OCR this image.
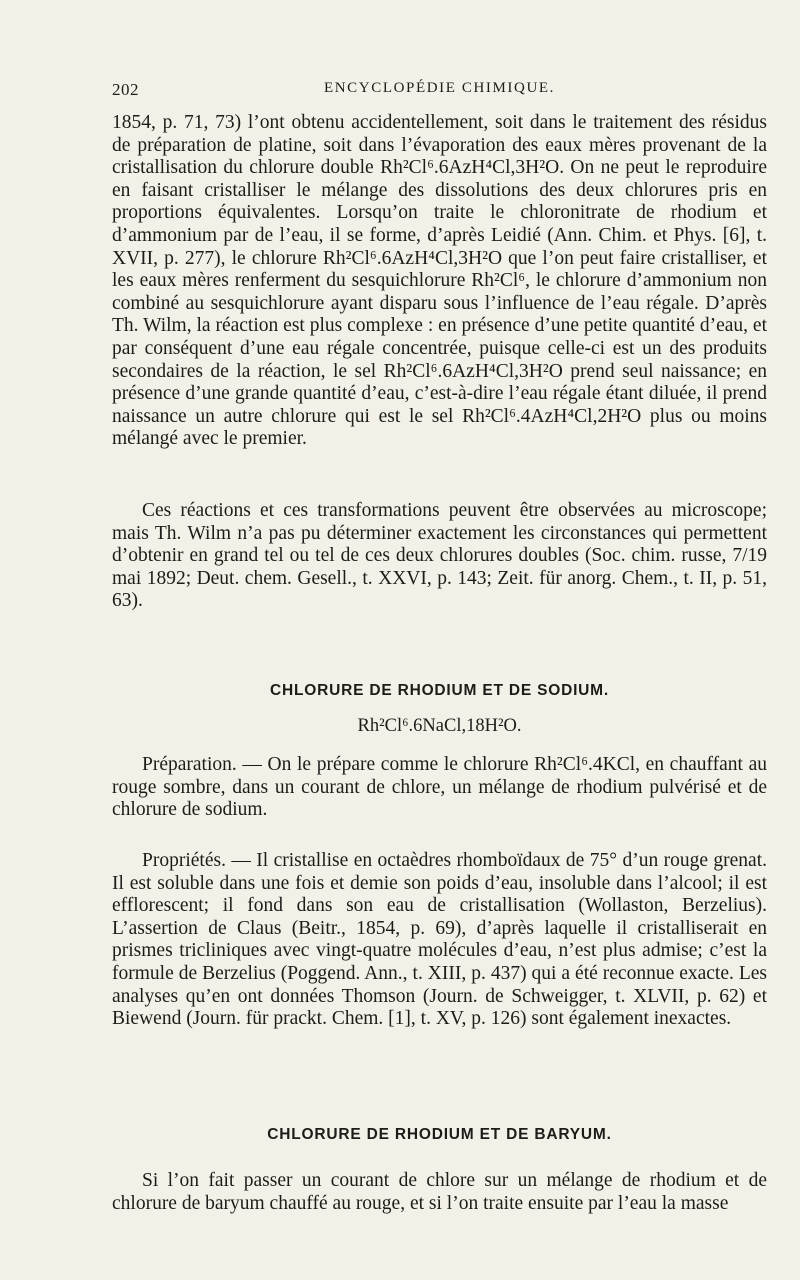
202	ENCYCLOPÉDIE CHIMIQUE.

1854, p. 71, 73) l’ont obtenu accidentellement, soit dans le traitement des résidus de préparation de platine, soit dans l’évaporation des eaux mères provenant de la cristallisation du chlorure double Rh²Cl⁶.6AzH⁴Cl,3H²O. On ne peut le reproduire en faisant cristalliser le mélange des dissolutions des deux chlorures pris en proportions équivalentes. Lorsqu’on traite le chloronitrate de rhodium et d’ammonium par de l’eau, il se forme, d’après Leidié (Ann. Chim. et Phys. [6], t. XVII, p. 277), le chlorure Rh²Cl⁶.6AzH⁴Cl,3H²O que l’on peut faire cristalliser, et les eaux mères renferment du sesquichlorure Rh²Cl⁶, le chlorure d’ammonium non combiné au sesquichlorure ayant disparu sous l’influence de l’eau régale. D’après Th. Wilm, la réaction est plus complexe : en présence d’une petite quantité d’eau, et par conséquent d’une eau régale concentrée, puisque celle-ci est un des produits secondaires de la réaction, le sel Rh²Cl⁶.6AzH⁴Cl,3H²O prend seul naissance; en présence d’une grande quantité d’eau, c’est-à-dire l’eau régale étant diluée, il prend naissance un autre chlorure qui est le sel Rh²Cl⁶.4AzH⁴Cl,2H²O plus ou moins mélangé avec le premier.

Ces réactions et ces transformations peuvent être observées au microscope; mais Th. Wilm n’a pas pu déterminer exactement les circonstances qui permettent d’obtenir en grand tel ou tel de ces deux chlorures doubles (Soc. chim. russe, 7/19 mai 1892; Deut. chem. Gesell., t. XXVI, p. 143; Zeit. für anorg. Chem., t. II, p. 51, 63).

CHLORURE DE RHODIUM ET DE SODIUM.
Rh²Cl⁶.6NaCl,18H²O.

Préparation. — On le prépare comme le chlorure Rh²Cl⁶.4KCl, en chauffant au rouge sombre, dans un courant de chlore, un mélange de rhodium pulvérisé et de chlorure de sodium.

Propriétés. — Il cristallise en octaèdres rhomboïdaux de 75° d’un rouge grenat. Il est soluble dans une fois et demie son poids d’eau, insoluble dans l’alcool; il est efflorescent; il fond dans son eau de cristallisation (Wollaston, Berzelius). L’assertion de Claus (Beitr., 1854, p. 69), d’après laquelle il cristalliserait en prismes tricliniques avec vingt-quatre molécules d’eau, n’est plus admise; c’est la formule de Berzelius (Poggend. Ann., t. XIII, p. 437) qui a été reconnue exacte. Les analyses qu’en ont données Thomson (Journ. de Schweigger, t. XLVII, p. 62) et Biewend (Journ. für prackt. Chem. [1], t. XV, p. 126) sont également inexactes.

CHLORURE DE RHODIUM ET DE BARYUM.

Si l’on fait passer un courant de chlore sur un mélange de rhodium et de chlorure de baryum chauffé au rouge, et si l’on traite ensuite par l’eau la masse
